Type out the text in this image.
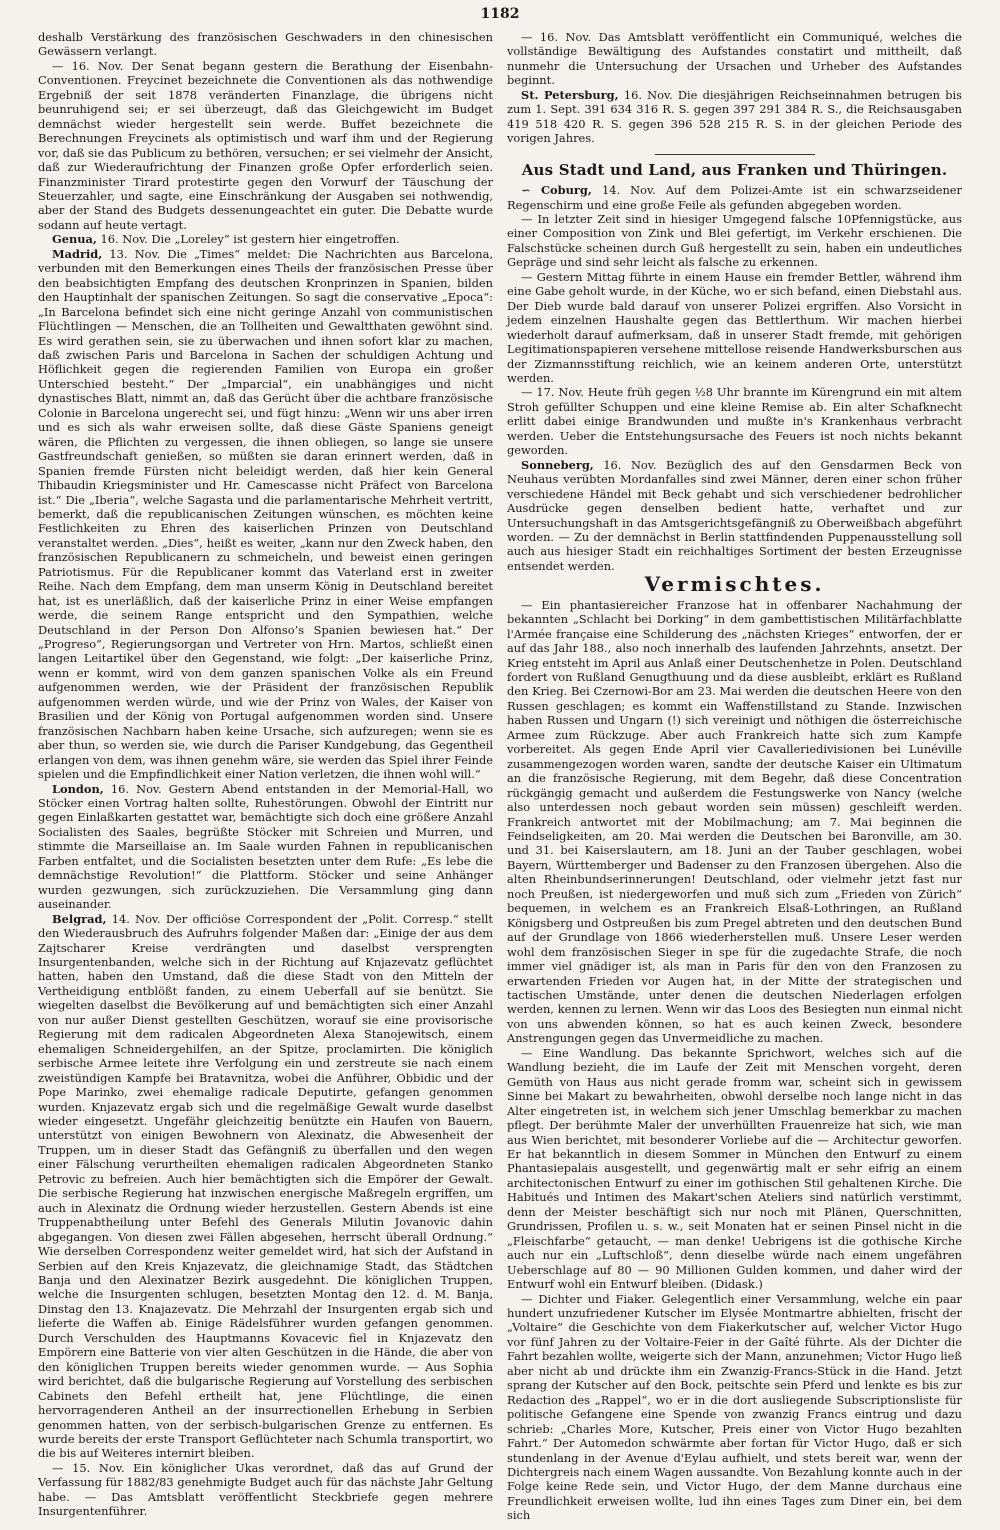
1182

deshalb Verstärkung des französischen Geschwaders in den chinesischen Gewässern verlangt.

— 16. Nov. Der Senat begann gestern die Berathung der Eisenbahn-Conventionen. Freycinet bezeichnete die Conventionen als das nothwendige Ergebniß der seit 1878 veränderten Finanzlage, die übrigens nicht beunruhigend sei; er sei überzeugt, daß das Gleichgewicht im Budget demnächst wieder hergestellt sein werde. Buffet bezeichnete die Berechnungen Freycinets als optimistisch und warf ihm und der Regierung vor, daß sie das Publicum zu bethören, versuchen; er sei vielmehr der Ansicht, daß zur Wiederaufrichtung der Finanzen große Opfer erforderlich seien. Finanzminister Tirard protestirte gegen den Vorwurf der Täuschung der Steuerzahler, und sagte, eine Einschränkung der Ausgaben sei nothwendig, aber der Stand des Budgets dessenungeachtet ein guter. Die Debatte wurde sodann auf heute vertagt.

Genua, 16. Nov. Die „Loreley“ ist gestern hier eingetroffen.

Madrid, 13. Nov. Die „Times“ meldet: Die Nachrichten aus Barcelona, verbunden mit den Bemerkungen eines Theils der französischen Presse über den beabsichtigten Empfang des deutschen Kronprinzen in Spanien, bilden den Hauptinhalt der spanischen Zeitungen. So sagt die conservative „Epoca“: „In Barcelona befindet sich eine nicht geringe Anzahl von communistischen Flüchtlingen — Menschen, die an Tollheiten und Gewaltthaten gewöhnt sind. Es wird gerathen sein, sie zu überwachen und ihnen sofort klar zu machen, daß zwischen Paris und Barcelona in Sachen der schuldigen Achtung und Höflichkeit gegen die regierenden Familien von Europa ein großer Unterschied besteht.“ Der „Imparcial“, ein unabhängiges und nicht dynastisches Blatt, nimmt an, daß das Gerücht über die achtbare französische Colonie in Barcelona ungerecht sei, und fügt hinzu: „Wenn wir uns aber irren und es sich als wahr erweisen sollte, daß diese Gäste Spaniens geneigt wären, die Pflichten zu vergessen, die ihnen obliegen, so lange sie unsere Gastfreundschaft genießen, so müßten sie daran erinnert werden, daß in Spanien fremde Fürsten nicht beleidigt werden, daß hier kein General Thibaudin Kriegsminister und Hr. Camescasse nicht Präfect von Barcelona ist.“ Die „Iberia“, welche Sagasta und die parlamentarische Mehrheit vertritt, bemerkt, daß die republicanischen Zeitungen wünschen, es möchten keine Festlichkeiten zu Ehren des kaiserlichen Prinzen von Deutschland veranstaltet werden. „Dies“, heißt es weiter, „kann nur den Zweck haben, den französischen Republicanern zu schmeicheln, und beweist einen geringen Patriotismus. Für die Republicaner kommt das Vaterland erst in zweiter Reihe. Nach dem Empfang, dem man unserm König in Deutschland bereitet hat, ist es unerläßlich, daß der kaiserliche Prinz in einer Weise empfangen werde, die seinem Range entspricht und den Sympathien, welche Deutschland in der Person Don Alfonso’s Spanien bewiesen hat.“ Der „Progreso“, Regierungsorgan und Vertreter von Hrn. Martos, schließt einen langen Leitartikel über den Gegenstand, wie folgt: „Der kaiserliche Prinz, wenn er kommt, wird von dem ganzen spanischen Volke als ein Freund aufgenommen werden, wie der Präsident der französischen Republik aufgenommen werden würde, und wie der Prinz von Wales, der Kaiser von Brasilien und der König von Portugal aufgenommen worden sind. Unsere französischen Nachbarn haben keine Ursache, sich aufzuregen; wenn sie es aber thun, so werden sie, wie durch die Pariser Kundgebung, das Gegentheil erlangen von dem, was ihnen genehm wäre, sie werden das Spiel ihrer Feinde spielen und die Empfindlichkeit einer Nation verletzen, die ihnen wohl will.“

London, 16. Nov. Gestern Abend entstanden in der Memorial-Hall, wo Stöcker einen Vortrag halten sollte, Ruhestörungen. Obwohl der Eintritt nur gegen Einlaßkarten gestattet war, bemächtigte sich doch eine größere Anzahl Socialisten des Saales, begrüßte Stöcker mit Schreien und Murren, und stimmte die Marseillaise an. Im Saale wurden Fahnen in republicanischen Farben entfaltet, und die Socialisten besetzten unter dem Rufe: „Es lebe die demnächstige Revolution!“ die Plattform. Stöcker und seine Anhänger wurden gezwungen, sich zurückzuziehen. Die Versammlung ging dann auseinander.

Belgrad, 14. Nov. Der officiöse Correspondent der „Polit. Corresp.“ stellt den Wiederausbruch des Aufruhrs folgender Maßen dar: „Einige der aus dem Zajtscharer Kreise verdrängten und daselbst versprengten Insurgentenbanden, welche sich in der Richtung auf Knjazevatz geflüchtet hatten, haben den Umstand, daß die diese Stadt von den Mitteln der Vertheidigung entblößt fanden, zu einem Ueberfall auf sie benützt. Sie wiegelten daselbst die Bevölkerung auf und bemächtigten sich einer Anzahl von nur außer Dienst gestellten Geschützen, worauf sie eine provisorische Regierung mit dem radicalen Abgeordneten Alexa Stanojewitsch, einem ehemaligen Schneidergehilfen, an der Spitze, proclamirten. Die königlich serbische Armee leitete ihre Verfolgung ein und zerstreute sie nach einem zweistündigen Kampfe bei Bratavnitza, wobei die Anführer, Obbidic und der Pope Marinko, zwei ehemalige radicale Deputirte, gefangen genommen wurden. Knjazevatz ergab sich und die regelmäßige Gewalt wurde daselbst wieder eingesetzt. Ungefähr gleichzeitig benützte ein Haufen von Bauern, unterstützt von einigen Bewohnern von Alexinatz, die Abwesenheit der Truppen, um in dieser Stadt das Gefängniß zu überfallen und den wegen einer Fälschung verurtheilten ehemaligen radicalen Abgeordneten Stanko Petrovic zu befreien. Auch hier bemächtigten sich die Empörer der Gewalt. Die serbische Regierung hat inzwischen energische Maßregeln ergriffen, um auch in Alexinatz die Ordnung wieder herzustellen. Gestern Abends ist eine Truppenabtheilung unter Befehl des Generals Milutin Jovanovic dahin abgegangen. Von diesen zwei Fällen abgesehen, herrscht überall Ordnung.“ Wie derselben Correspondenz weiter gemeldet wird, hat sich der Aufstand in Serbien auf den Kreis Knjazevatz, die gleichnamige Stadt, das Städtchen Banja und den Alexinatzer Bezirk ausgedehnt. Die königlichen Truppen, welche die Insurgenten schlugen, besetzten Montag den 12. d. M. Banja, Dinstag den 13. Knajazevatz. Die Mehrzahl der Insurgenten ergab sich und lieferte die Waffen ab. Einige Rädelsführer wurden gefangen genommen. Durch Verschulden des Hauptmanns Kovacevic fiel in Knjazevatz den Empörern eine Batterie von vier alten Geschützen in die Hände, die aber von den königlichen Truppen bereits wieder genommen wurde. — Aus Sophia wird berichtet, daß die bulgarische Regierung auf Vorstellung des serbischen Cabinets den Befehl ertheilt hat, jene Flüchtlinge, die einen hervorragenderen Antheil an der insurrectionellen Erhebung in Serbien genommen hatten, von der serbisch-bulgarischen Grenze zu entfernen. Es wurde bereits der erste Transport Geflüchteter nach Schumla transportirt, wo die bis auf Weiteres internirt bleiben.

— 15. Nov. Ein königlicher Ukas verordnet, daß das auf Grund der Verfassung für 1882/83 genehmigte Budget auch für das nächste Jahr Geltung habe. — Das Amtsblatt veröffentlicht Steckbriefe gegen mehrere Insurgentenführer.

— 16. Nov. Das Amtsblatt veröffentlicht ein Communiqué, welches die vollständige Bewältigung des Aufstandes constatirt und mittheilt, daß nunmehr die Untersuchung der Ursachen und Urheber des Aufstandes beginnt.

St. Petersburg, 16. Nov. Die diesjährigen Reichseinnahmen betrugen bis zum 1. Sept. 391 634 316 R. S. gegen 397 291 384 R. S., die Reichsausgaben 419 518 420 R. S. gegen 396 528 215 R. S. in der gleichen Periode des vorigen Jahres.

Aus Stadt und Land, aus Franken und Thüringen.

∽ Coburg, 14. Nov. Auf dem Polizei-Amte ist ein schwarzseidener Regenschirm und eine große Feile als gefunden abgegeben worden.

— In letzter Zeit sind in hiesiger Umgegend falsche 10Pfennigstücke, aus einer Composition von Zink und Blei gefertigt, im Verkehr erschienen. Die Falschstücke scheinen durch Guß hergestellt zu sein, haben ein undeutliches Gepräge und sind sehr leicht als falsche zu erkennen.

— Gestern Mittag führte in einem Hause ein fremder Bettler, während ihm eine Gabe geholt wurde, in der Küche, wo er sich befand, einen Diebstahl aus. Der Dieb wurde bald darauf von unserer Polizei ergriffen. Also Vorsicht in jedem einzelnen Haushalte gegen das Bettlerthum. Wir machen hierbei wiederholt darauf aufmerksam, daß in unserer Stadt fremde, mit gehörigen Legitimationspapieren versehene mittellose reisende Handwerksburschen aus der Zizmannsstiftung reichlich, wie an keinem anderen Orte, unterstützt werden.

— 17. Nov. Heute früh gegen ½8 Uhr brannte im Kürengrund ein mit altem Stroh gefüllter Schuppen und eine kleine Remise ab. Ein alter Schafknecht erlitt dabei einige Brandwunden und mußte in's Krankenhaus verbracht werden. Ueber die Entstehungsursache des Feuers ist noch nichts bekannt geworden.

Sonneberg, 16. Nov. Bezüglich des auf den Gensdarmen Beck von Neuhaus verübten Mordanfalles sind zwei Männer, deren einer schon früher verschiedene Händel mit Beck gehabt und sich verschiedener bedrohlicher Ausdrücke gegen denselben bedient hatte, verhaftet und zur Untersuchungshaft in das Amtsgerichtsgefängniß zu Oberweißbach abgeführt worden. — Zu der demnächst in Berlin stattfindenden Puppenausstellung soll auch aus hiesiger Stadt ein reichhaltiges Sortiment der besten Erzeugnisse entsendet werden.

Vermischtes.

— Ein phantasiereicher Franzose hat in offenbarer Nachahmung der bekannten „Schlacht bei Dorking“ in dem gambettistischen Militärfachblatte l'Armée française eine Schilderung des „nächsten Krieges“ entworfen, der er auf das Jahr 188., also noch innerhalb des laufenden Jahrzehnts, ansetzt. Der Krieg entsteht im April aus Anlaß einer Deutschenhetze in Polen. Deutschland fordert von Rußland Genugthuung und da diese ausbleibt, erklärt es Rußland den Krieg. Bei Czernowi-Bor am 23. Mai werden die deutschen Heere von den Russen geschlagen; es kommt ein Waffenstillstand zu Stande. Inzwischen haben Russen und Ungarn (!) sich vereinigt und nöthigen die österreichische Armee zum Rückzuge. Aber auch Frankreich hatte sich zum Kampfe vorbereitet. Als gegen Ende April vier Cavalleriedivisionen bei Lunéville zusammengezogen worden waren, sandte der deutsche Kaiser ein Ultimatum an die französische Regierung, mit dem Begehr, daß diese Concentration rückgängig gemacht und außerdem die Festungswerke von Nancy (welche also unterdessen noch gebaut worden sein müssen) geschleift werden. Frankreich antwortet mit der Mobilmachung; am 7. Mai beginnen die Feindseligkeiten, am 20. Mai werden die Deutschen bei Baronville, am 30. und 31. bei Kaiserslautern, am 18. Juni an der Tauber geschlagen, wobei Bayern, Württemberger und Badenser zu den Franzosen übergehen. Also die alten Rheinbundserinnerungen! Deutschland, oder vielmehr jetzt fast nur noch Preußen, ist niedergeworfen und muß sich zum „Frieden von Zürich“ bequemen, in welchem es an Frankreich Elsaß-Lothringen, an Rußland Königsberg und Ostpreußen bis zum Pregel abtreten und den deutschen Bund auf der Grundlage von 1866 wiederherstellen muß. Unsere Leser werden wohl dem französischen Sieger in spe für die zugedachte Strafe, die noch immer viel gnädiger ist, als man in Paris für den von den Franzosen zu erwartenden Frieden vor Augen hat, in der Mitte der strategischen und tactischen Umstände, unter denen die deutschen Niederlagen erfolgen werden, kennen zu lernen. Wenn wir das Loos des Besiegten nun einmal nicht von uns abwenden können, so hat es auch keinen Zweck, besondere Anstrengungen gegen das Unvermeidliche zu machen.

— Eine Wandlung. Das bekannte Sprichwort, welches sich auf die Wandlung bezieht, die im Laufe der Zeit mit Menschen vorgeht, deren Gemüth von Haus aus nicht gerade fromm war, scheint sich in gewissem Sinne bei Makart zu bewahrheiten, obwohl derselbe noch lange nicht in das Alter eingetreten ist, in welchem sich jener Umschlag bemerkbar zu machen pflegt. Der berühmte Maler der unverhüllten Frauenreize hat sich, wie man aus Wien berichtet, mit besonderer Vorliebe auf die — Architectur geworfen. Er hat bekanntlich in diesem Sommer in München den Entwurf zu einem Phantasiepalais ausgestellt, und gegenwärtig malt er sehr eifrig an einem architectonischen Entwurf zu einer im gothischen Stil gehaltenen Kirche. Die Habitués und Intimen des Makart'schen Ateliers sind natürlich verstimmt, denn der Meister beschäftigt sich nur noch mit Plänen, Querschnitten, Grundrissen, Profilen u. s. w., seit Monaten hat er seinen Pinsel nicht in die „Fleischfarbe“ getaucht, — man denke! Uebrigens ist die gothische Kirche auch nur ein „Luftschloß“, denn dieselbe würde nach einem ungefähren Ueberschlage auf 80 — 90 Millionen Gulden kommen, und daher wird der Entwurf wohl ein Entwurf bleiben. (Didask.)

— Dichter und Fiaker. Gelegentlich einer Versammlung, welche ein paar hundert unzufriedener Kutscher im Elysée Montmartre abhielten, frischt der „Voltaire“ die Geschichte von dem Fiakerkutscher auf, welcher Victor Hugo vor fünf Jahren zu der Voltaire-Feier in der Gaîté führte. Als der Dichter die Fahrt bezahlen wollte, weigerte sich der Mann, anzunehmen; Victor Hugo ließ aber nicht ab und drückte ihm ein Zwanzig-Francs-Stück in die Hand. Jetzt sprang der Kutscher auf den Bock, peitschte sein Pferd und lenkte es bis zur Redaction des „Rappel“, wo er in die dort ausliegende Subscriptionsliste für politische Gefangene eine Spende von zwanzig Francs eintrug und dazu schrieb: „Charles More, Kutscher, Preis einer von Victor Hugo bezahlten Fahrt.“ Der Automedon schwärmte aber fortan für Victor Hugo, daß er sich stundenlang in der Avenue d'Eylau aufhielt, und stets bereit war, wenn der Dichtergreis nach einem Wagen aussandte. Von Bezahlung konnte auch in der Folge keine Rede sein, und Victor Hugo, der dem Manne durchaus eine Freundlichkeit erweisen wollte, lud ihn eines Tages zum Diner ein, bei dem sich
